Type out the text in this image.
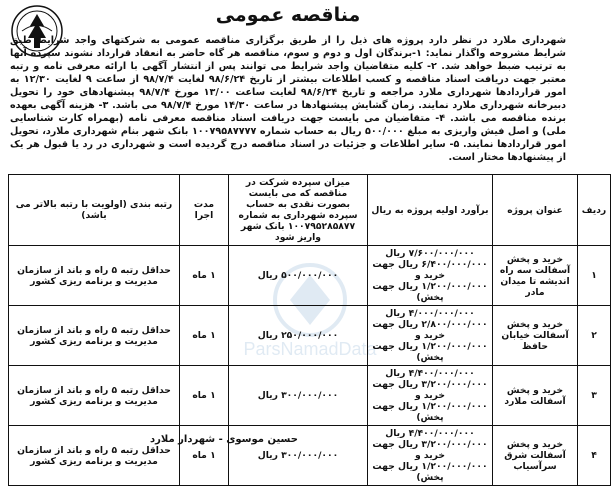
مناقصه عمومی

شهرداری ملارد در نظر دارد پروژه های ذیل را از طریق برگزاری مناقصه عمومی به شرکتهای واجد شرایط طبق شرایط مشروحه واگذار نماید: ۱-برندگان اول و دوم و سوم، مناقصه هر گاه حاضر به انعقاد قرارداد نشوند سپرده آنها به ترتیب ضبط خواهد شد. ۲- کلیه متقاضیان واجد شرایط می توانند پس از انتشار آگهی با ارائه معرفی نامه و رتبه معتبر جهت دریافت اسناد مناقصه و کسب اطلاعات بیشتر از تاریخ ۹۸/۶/۲۴ لغایت ۹۸/۷/۴ از ساعت ۹ لغایت ۱۲/۳۰ به امور قراردادها شهرداری ملارد مراجعه و تاریخ ۹۸/۶/۲۴ لغایت ساعت ۱۳/۰۰ مورخ ۹۸/۷/۴ پیشنهادهای خود را تحویل دبیرخانه شهرداری ملارد نمایند. زمان گشایش پیشنهادها در ساعت ۱۴/۳۰ مورخ ۹۸/۷/۴ می باشد. ۳- هزینه آگهی بعهده برنده مناقصه می باشد. ۴- متقاضیان می بایست جهت دریافت اسناد مناقصه معرفی نامه (بهمراه کارت شناسایی ملی) و اصل فیش واریزی به مبلغ ۵۰۰/۰۰۰ ریال به حساب شماره ۱۰۰۷۹۵۸۷۷۷۷ بانک شهر بنام شهرداری ملارد، تحویل امور قراردادها نمایند. ۵- سایر اطلاعات و جزئیات در اسناد مناقصه درج گردیده است و شهرداری در رد یا قبول هر یک از پیشنهادها مختار است.

ParsNamadData
ردیف	عنوان پروژه	برآورد اولیه پروژه به ریال	میزان سپرده شرکت در مناقصه که می بایست بصورت نقدی به حساب سپرده شهرداری به شماره ۱۰۰۷۹۵۲۸۵۸۷۷ بانک شهر واریز شود	مدت اجرا	رتبه بندی (اولویت با رتبه بالاتر می باشد)
۱	خرید و پخش آسفالت سه راه اندیشه تا میدان مادر	۷/۶۰۰/۰۰۰/۰۰۰ ریال
۶/۴۰۰/۰۰۰/۰۰۰ ریال جهت خرید و
۱/۲۰۰/۰۰۰/۰۰۰ ریال جهت پخش)	۵۰۰/۰۰۰/۰۰۰ ریال	۱ ماه	حداقل رتبه ۵ راه و باند از سازمان مدیریت و برنامه ریزی کشور
۲	خرید و پخش آسفالت خیابان حافظ	۴/۰۰۰/۰۰۰/۰۰۰ ریال
۲/۸۰۰/۰۰۰/۰۰۰ ریال جهت خرید و
۱/۲۰۰/۰۰۰/۰۰۰ ریال جهت پخش)	۲۵۰/۰۰۰/۰۰۰ ریال	۱ ماه	حداقل رتبه ۵ راه و باند از سازمان مدیریت و برنامه ریزی کشور
۳	خرید و پخش آسفالت ملارد	۴/۴۰۰/۰۰۰/۰۰۰ ریال
۳/۲۰۰/۰۰۰/۰۰۰ ریال جهت خرید و
۱/۲۰۰/۰۰۰/۰۰۰ ریال جهت پخش)	۳۰۰/۰۰۰/۰۰۰ ریال	۱ ماه	حداقل رتبه ۵ راه و باند از سازمان مدیریت و برنامه ریزی کشور
۴	خرید و پخش آسفالت شرق سرآسیاب	۴/۴۰۰/۰۰۰/۰۰۰ ریال
۳/۲۰۰/۰۰۰/۰۰۰ ریال جهت خرید و
۱/۲۰۰/۰۰۰/۰۰۰ ریال جهت پخش)	۳۰۰/۰۰۰/۰۰۰ ریال	۱ ماه	حداقل رتبه ۵ راه و باند از سازمان مدیریت و برنامه ریزی کشور
حسین موسوی - شهردار ملارد
